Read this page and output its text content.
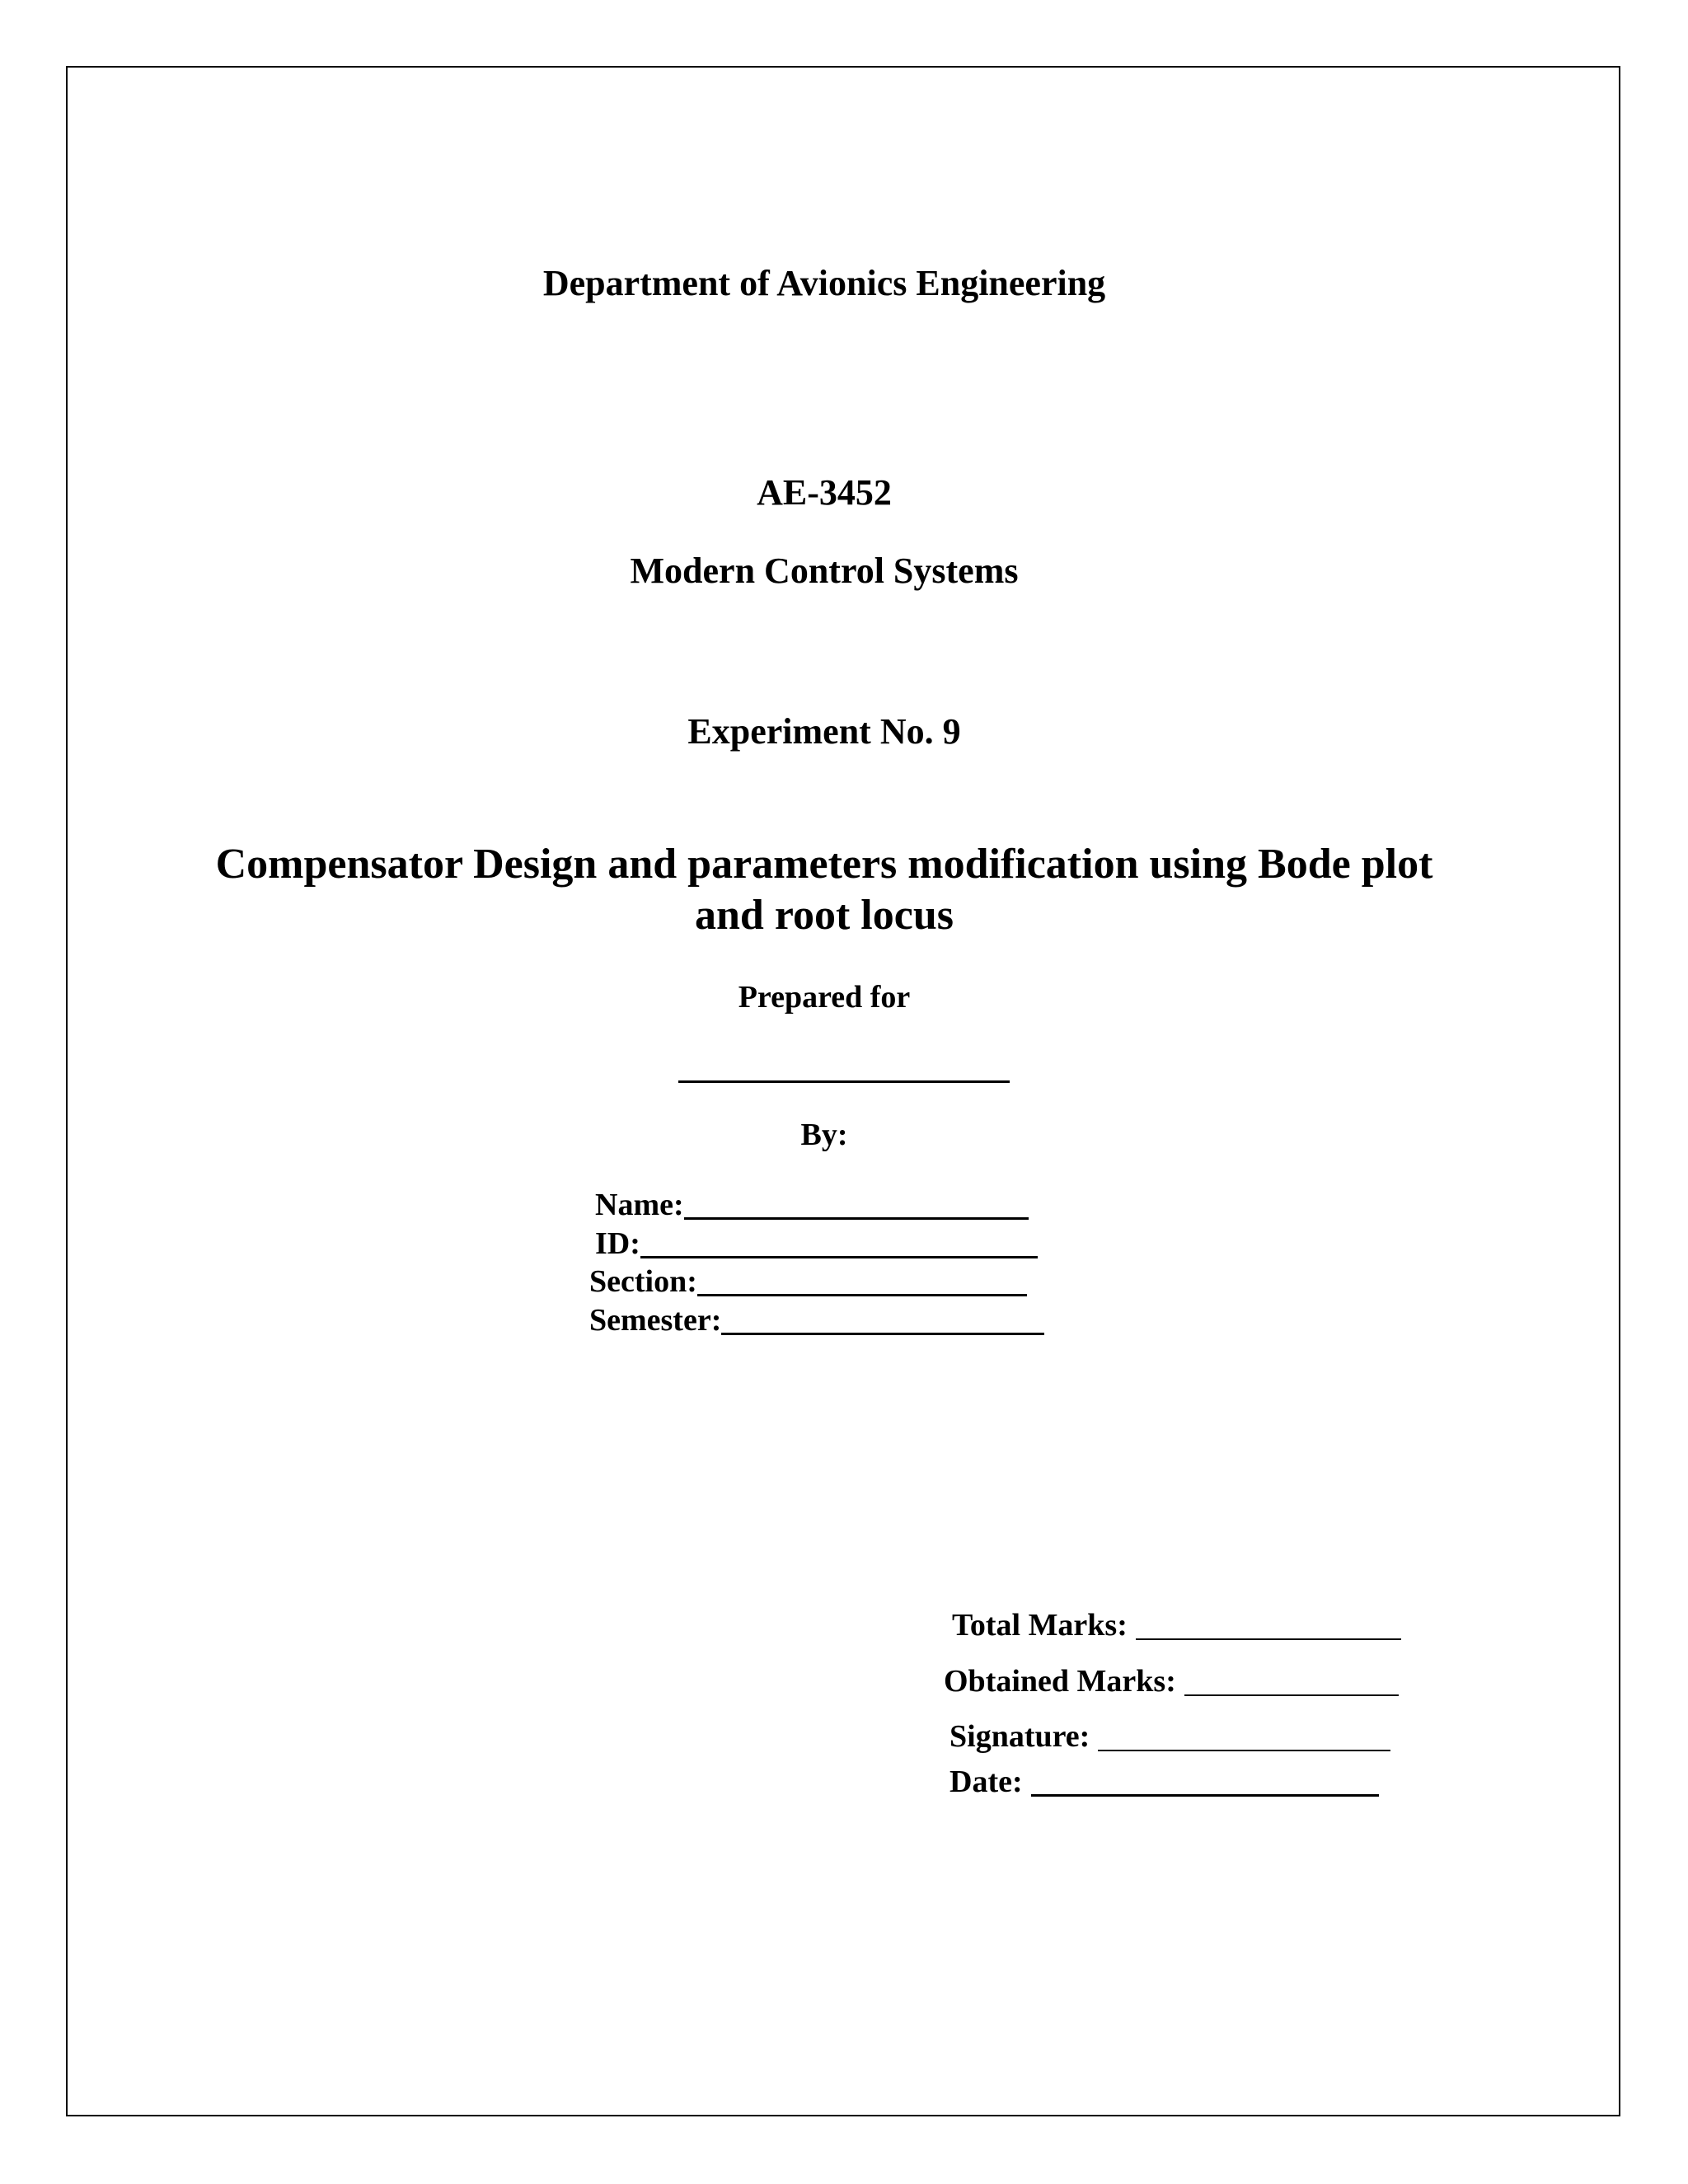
Department of Avionics Engineering
AE-3452
Modern Control Systems
Experiment No. 9
Compensator Design and parameters modification using Bode plot and root locus
Prepared for
By:
Name:
ID:
Section:
Semester:
Total Marks:
Obtained Marks:
Signature:
Date:
